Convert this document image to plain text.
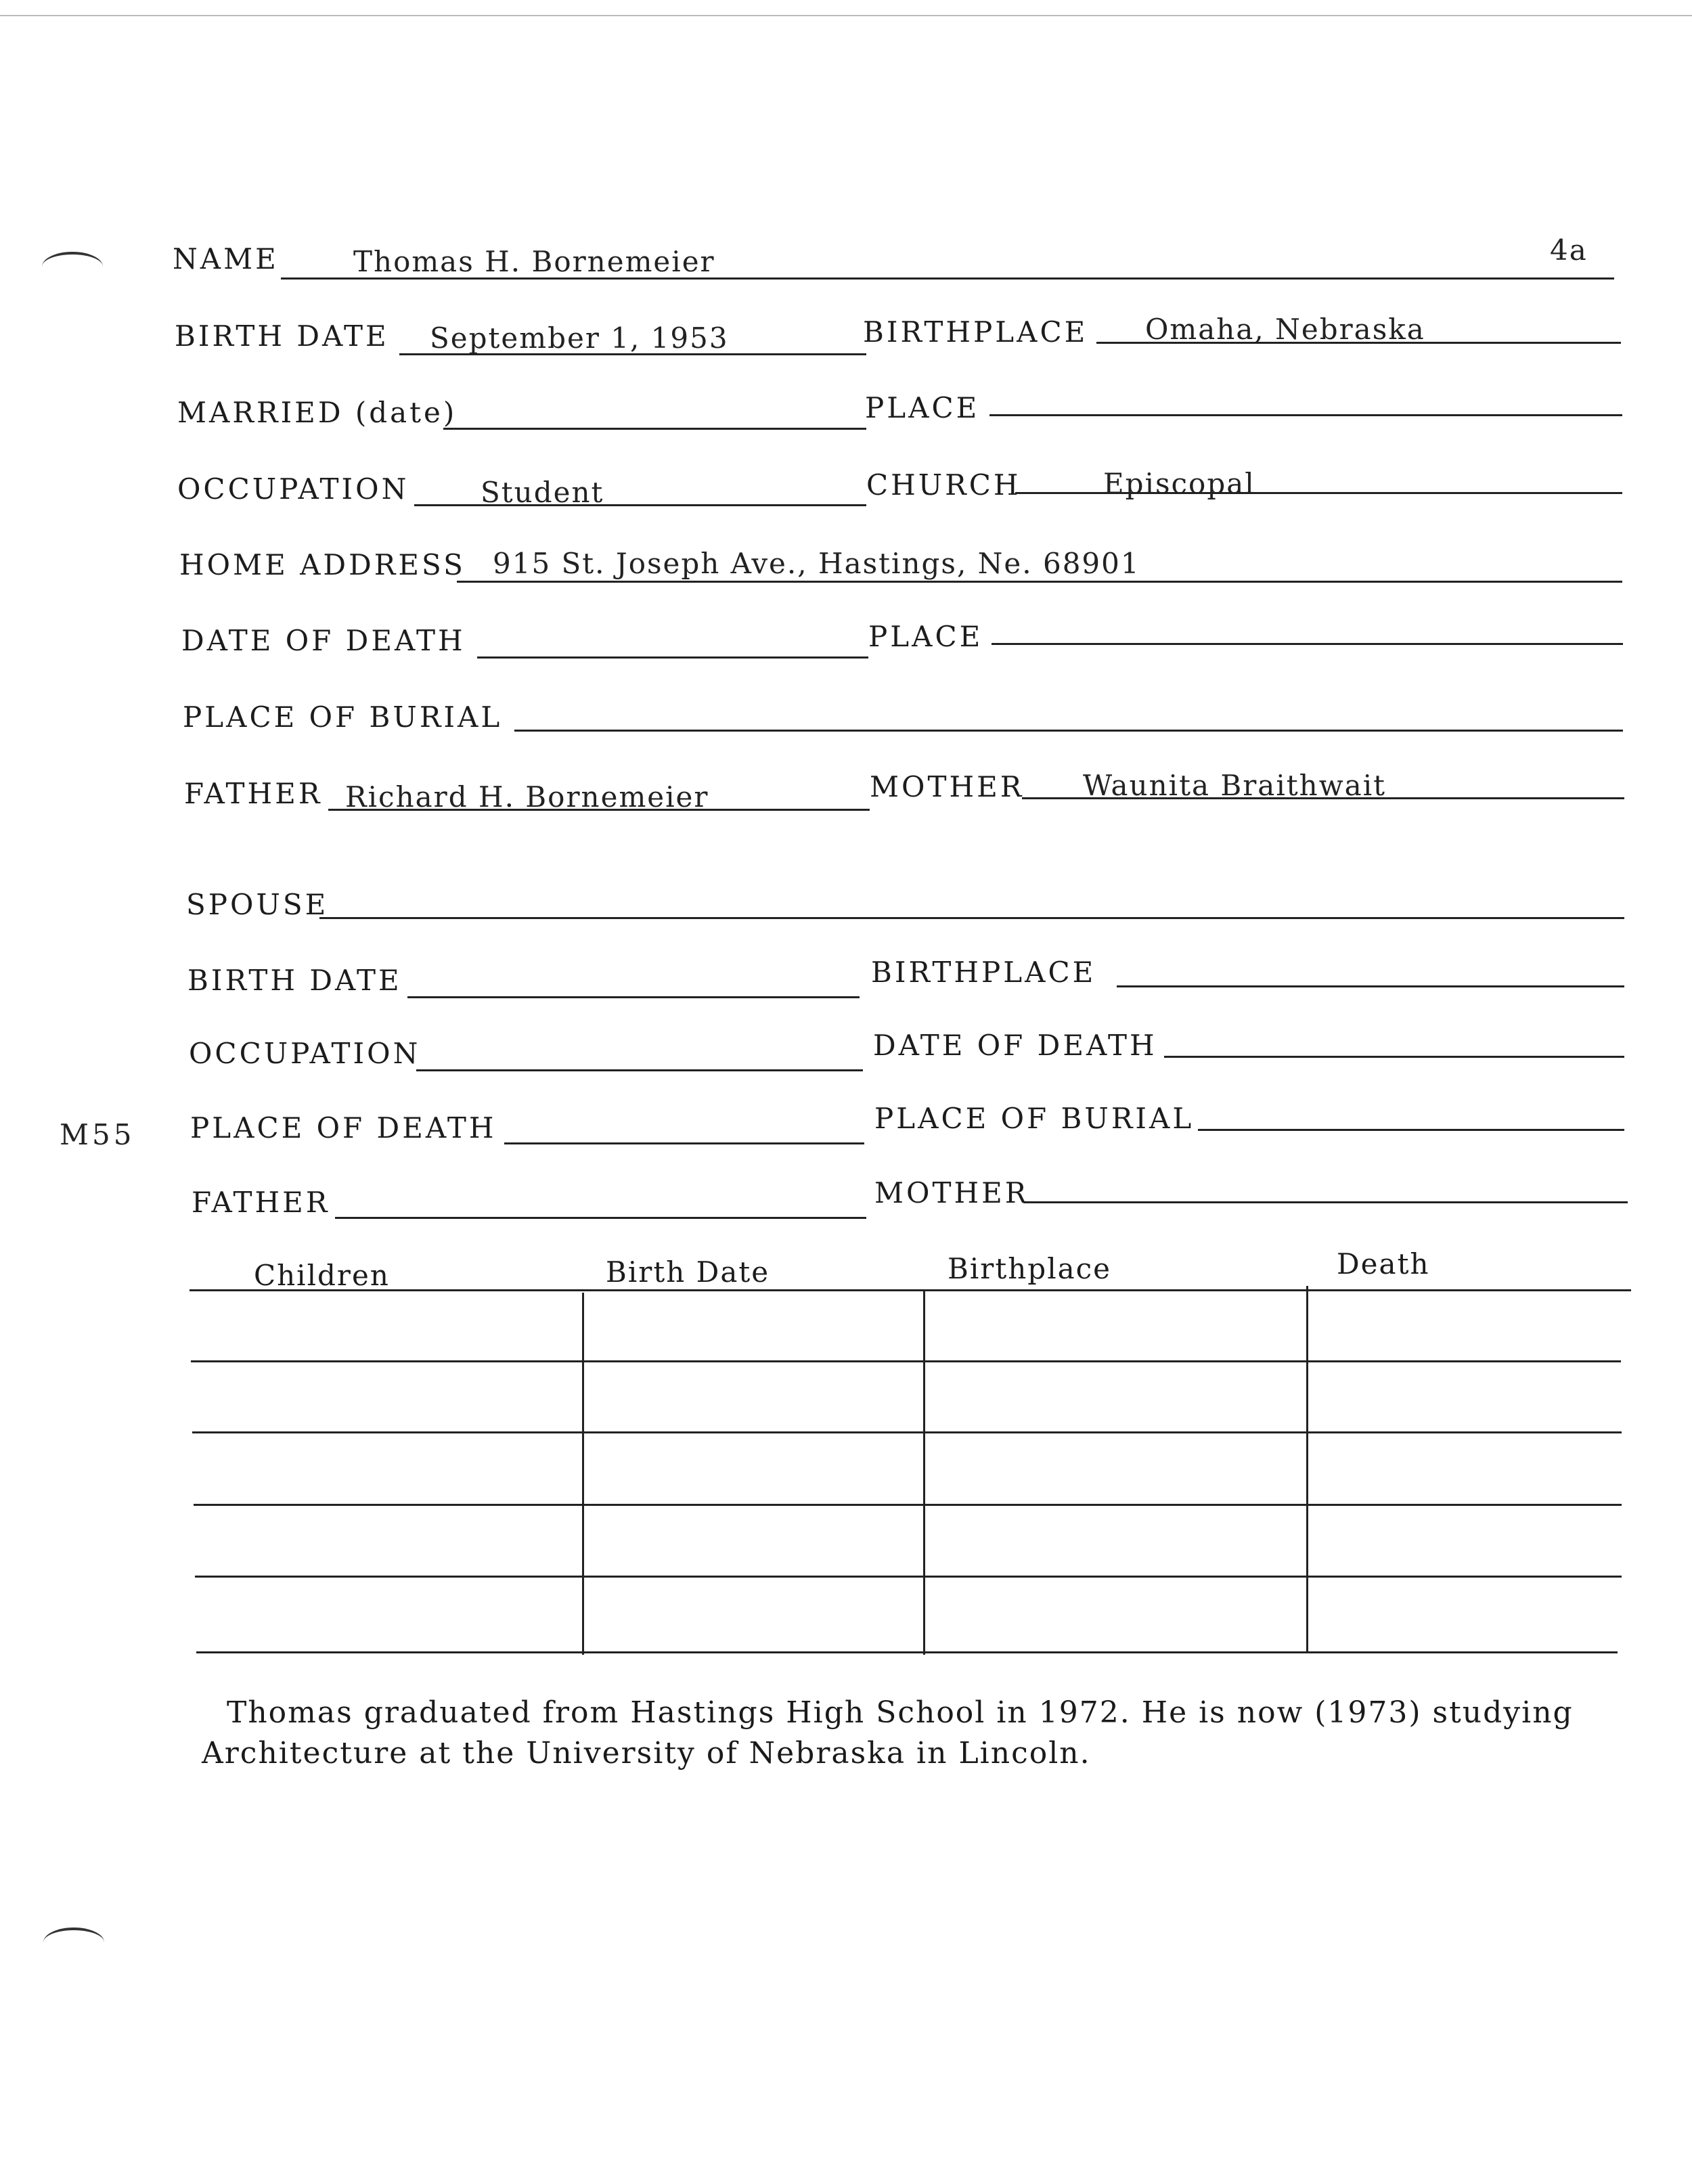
4a
M55
NAME	Thomas H. Bornemeier
BIRTH DATE September 1, 1953	BIRTHPLACE Omaha, Nebraska
MARRIED (date)	PLACE
OCCUPATION	Student	CHURCH	Episcopal
HOME ADDRESS 915 St. Joseph Ave., Hastings, Ne. 68901
DATE OF DEATH	PLACE
PLACE OF BURIAL
FATHER Richard H. Bornemeier	MOTHER Waunita Braithwait
SPOUSE
BIRTH DATE	BIRTHPLACE
OCCUPATION	DATE OF DEATH
PLACE OF DEATH	PLACE OF BURIAL
FATHER	MOTHER
Children	Birth Date	Birthplace	Death
Thomas graduated from Hastings High School in 1972. He is now (1973) studying
Architecture at the University of Nebraska in Lincoln.
